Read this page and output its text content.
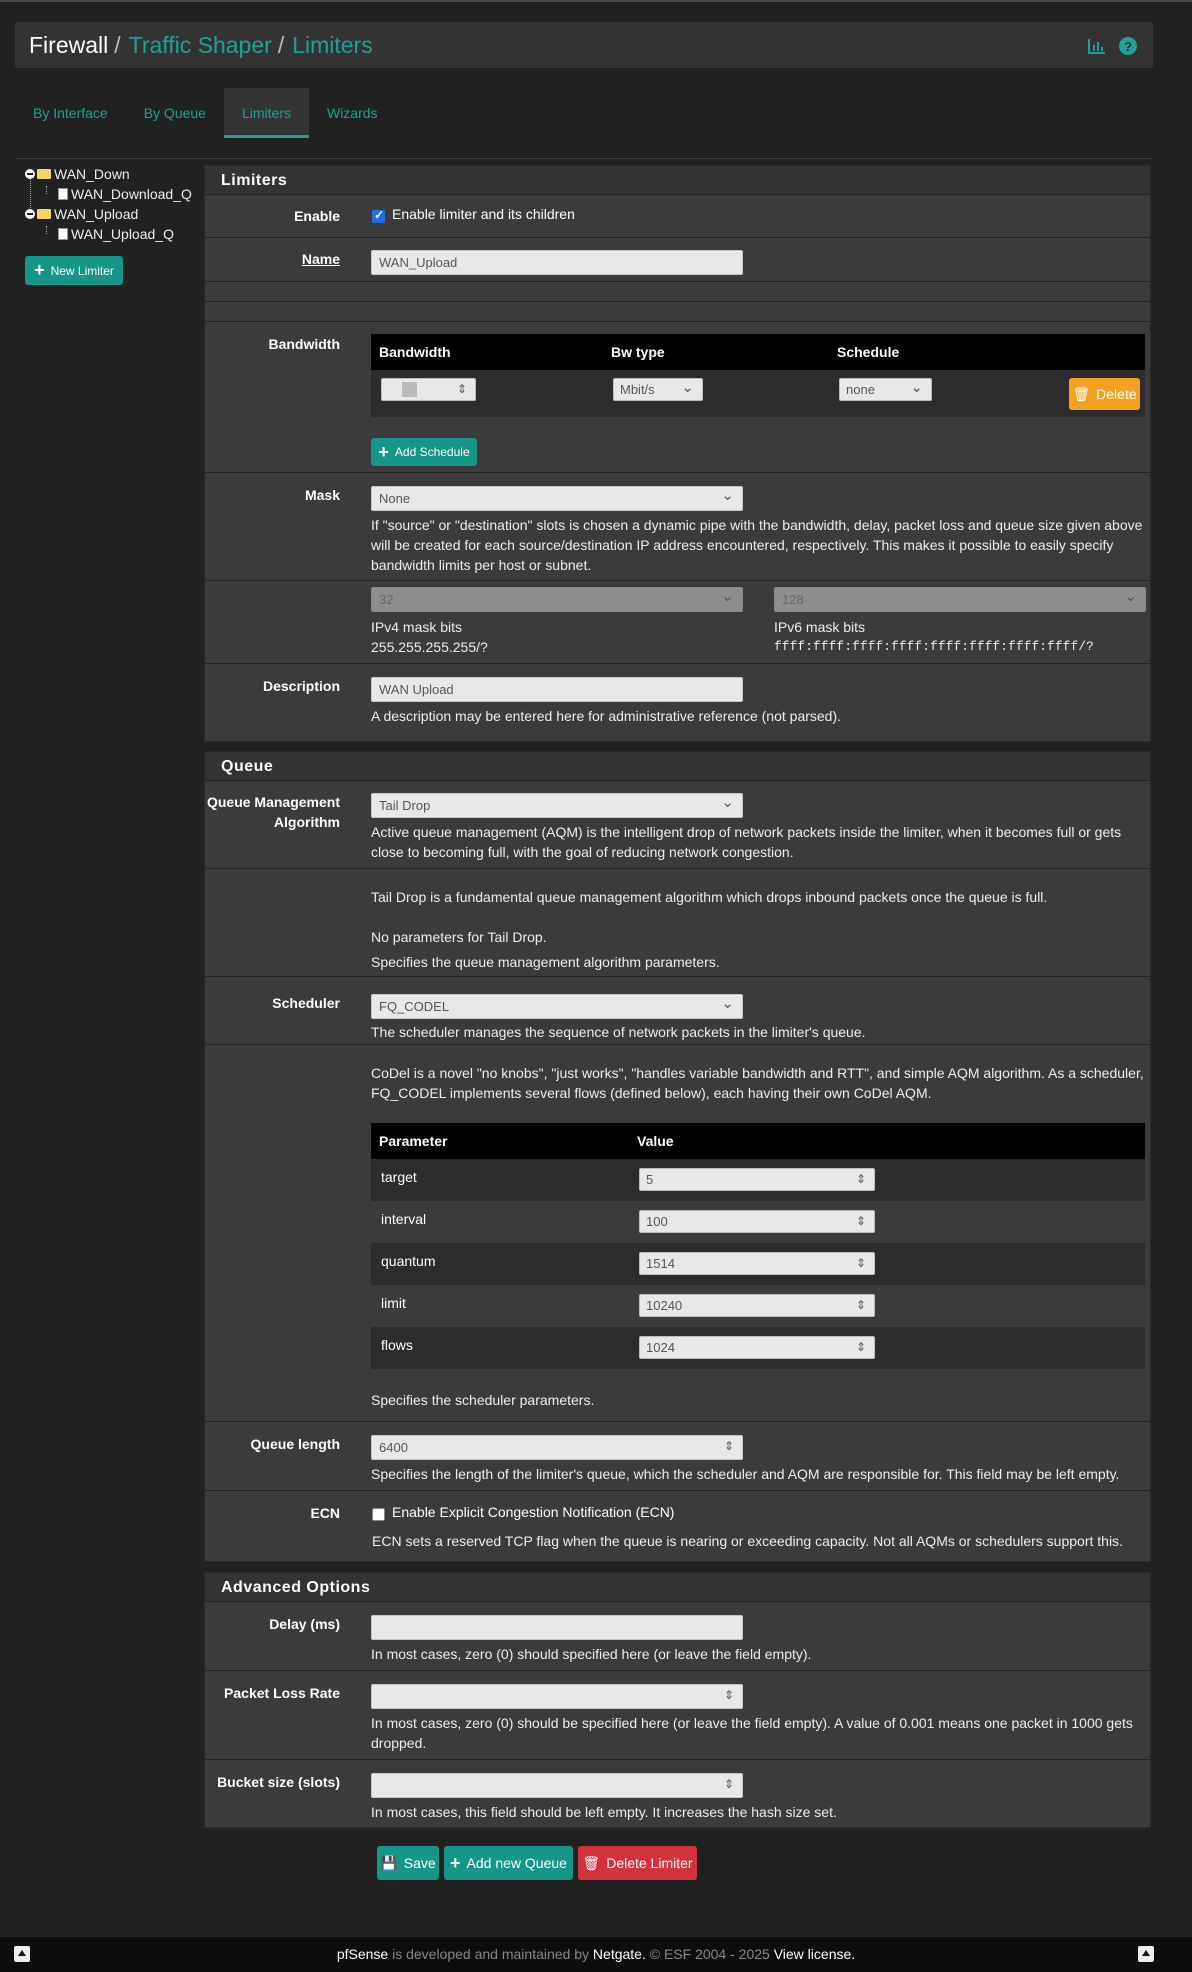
Firewall / Traffic Shaper / Limiters	?
By Interface	By Queue	Limiters	Wizards
WAN_Down
WAN_Download_Q
WAN_Upload
WAN_Upload_Q
+ New Limiter
Limiters
Enable
✓	Enable limiter and its children
Name	WAN_Upload
Bandwidth	Bandwidth	Bw type	Schedule
⇕
Mbit/s ⌄	none ⌄	🗑 Delete
+ Add Schedule
Mask	None ⌄
If "source" or "destination" slots is chosen a dynamic pipe with the bandwidth, delay, packet loss and queue size given above will be created for each source/destination IP address encountered, respectively. This makes it possible to easily specify bandwidth limits per host or subnet.
32 ⌄
IPv4 mask bits
255.255.255.255/?
128 ⌄
IPv6 mask bits
ffff:ffff:ffff:ffff:ffff:ffff:ffff:ffff/?
Description	WAN Upload
A description may be entered here for administrative reference (not parsed).
Queue
Queue Management
Algorithm
Tail Drop ⌄
Active queue management (AQM) is the intelligent drop of network packets inside the limiter, when it becomes full or gets close to becoming full, with the goal of reducing network congestion.
Tail Drop is a fundamental queue management algorithm which drops inbound packets once the queue is full.
No parameters for Tail Drop.
Specifies the queue management algorithm parameters.
Scheduler	FQ_CODEL ⌄
The scheduler manages the sequence of network packets in the limiter's queue.
CoDel is a novel "no knobs", "just works", "handles variable bandwidth and RTT", and simple AQM algorithm. As a scheduler, FQ_CODEL implements several flows (defined below), each having their own CoDel AQM.
Parameter	Value
target	5 ⇕
interval	100 ⇕
quantum	1514 ⇕
limit	10240 ⇕
flows	1024 ⇕
Specifies the scheduler parameters.
Queue length	6400 ⇕
Specifies the length of the limiter's queue, which the scheduler and AQM are responsible for. This field may be left empty.
ECN	Enable Explicit Congestion Notification (ECN)
ECN sets a reserved TCP flag when the queue is nearing or exceeding capacity. Not all AQMs or schedulers support this.
Advanced Options
Delay (ms)
In most cases, zero (0) should specified here (or leave the field empty).
Packet Loss Rate
⇕
In most cases, zero (0) should be specified here (or leave the field empty). A value of 0.001 means one packet in 1000 gets dropped.
Bucket size (slots)
⇕
In most cases, this field should be left empty. It increases the hash size set.
💾 Save + Add new Queue 🗑 Delete Limiter
pfSense is developed and maintained by Netgate. © ESF 2004 - 2025 View license.
